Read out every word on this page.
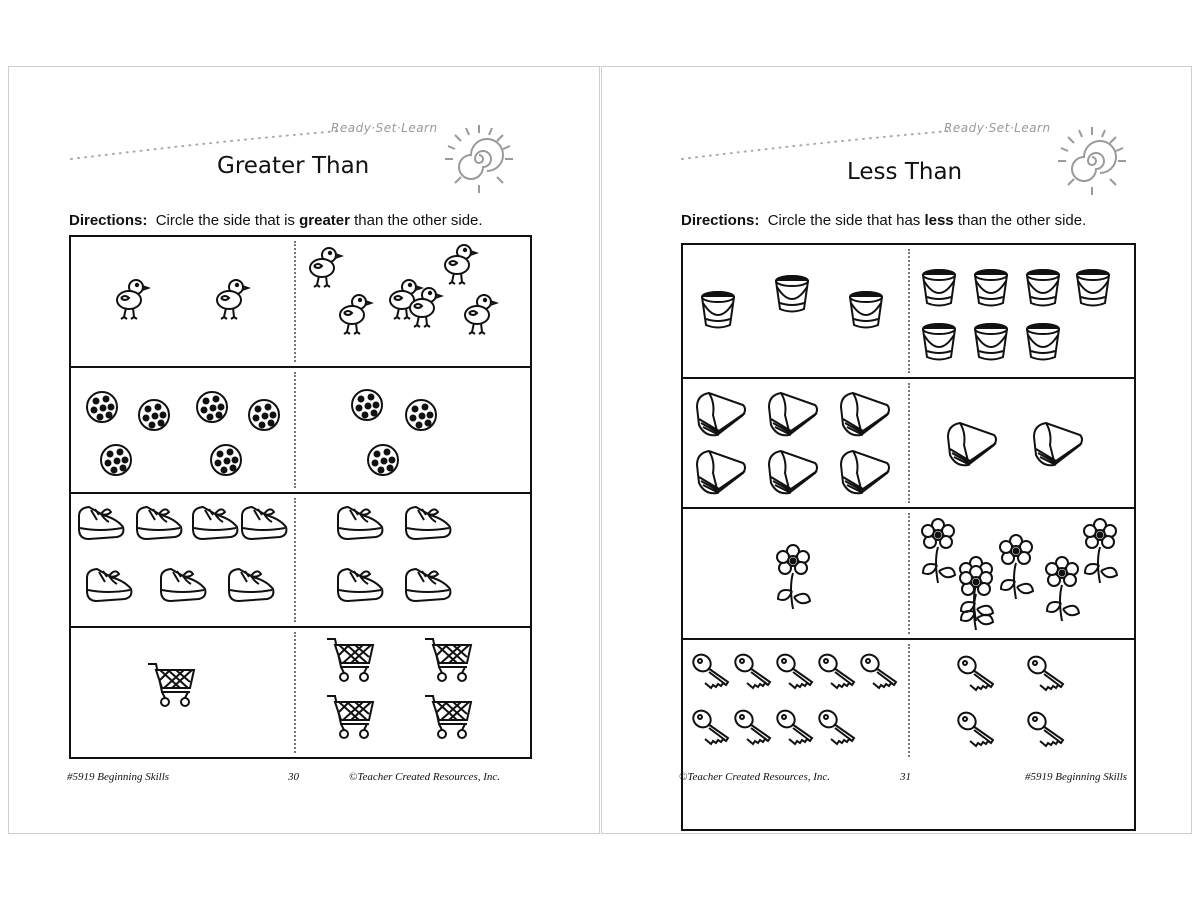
Ready·Set·Learn
Greater Than
Directions: Circle the side that is greater than the other side.
#5919 Beginning Skills	30	©Teacher Created Resources, Inc.
Ready·Set·Learn
Less Than
Directions: Circle the side that has less than the other side.
©Teacher Created Resources, Inc.	31	#5919 Beginning Skills
